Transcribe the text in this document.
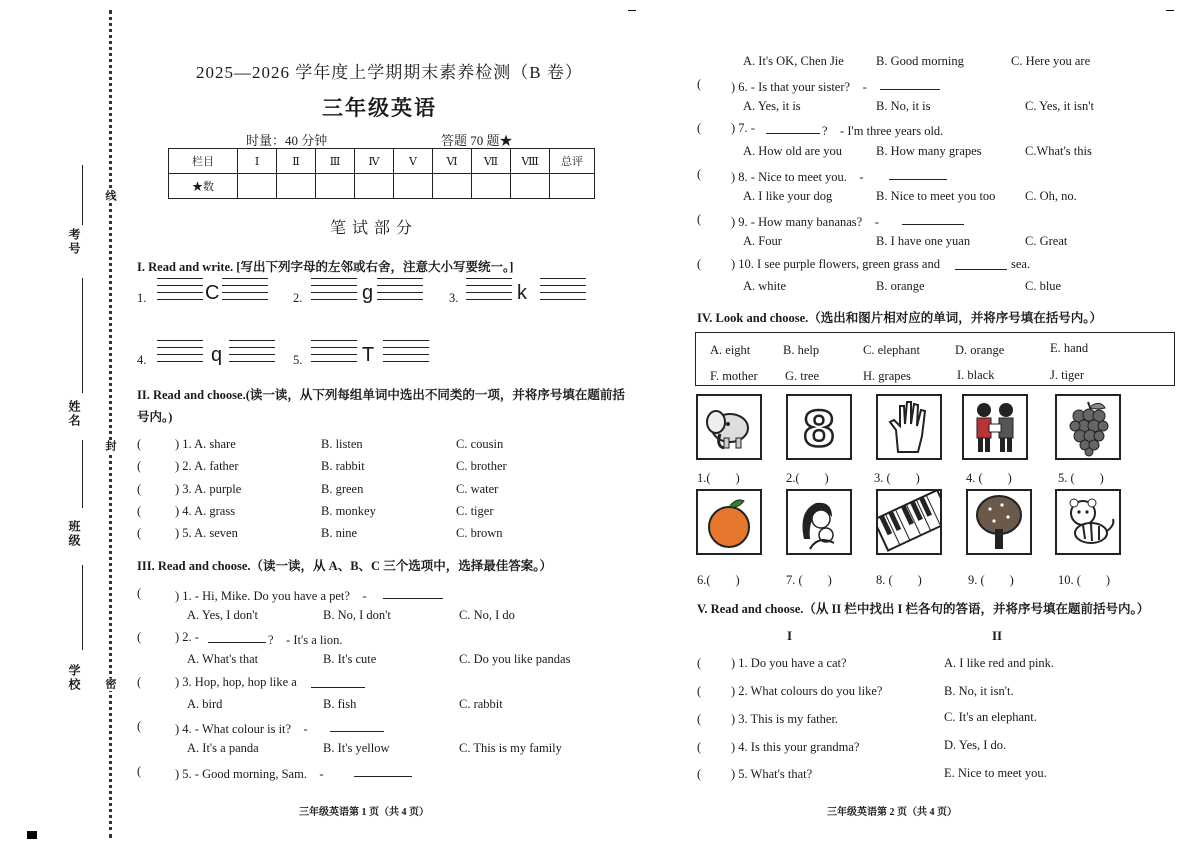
考号
姓名
班级
学校
线
封
密
2025—2026 学年度上学期期末素养检测（B 卷）
三年级英语
时量：40 分钟	答题 70 题★
栏目	Ⅰ	Ⅱ	Ⅲ	Ⅳ	Ⅴ	Ⅵ	Ⅶ	Ⅷ	总评
★数									
笔 试 部 分
I. Read and write. [写出下列字母的左邻或右舍，注意大小写要统一。]
1.	C	2.	g	3.	k
4.	q	5.	T
II. Read and choose.(读一读，从下列每组单词中选出不同类的一项，并将序号填在题前括号内。)
(	) 1. A. share	B. listen	C. cousin
(	) 2. A. father	B. rabbit	C. brother
(	) 3. A. purple	B. green	C. water
(	) 4. A. grass	B. monkey	C. tiger
(	) 5. A. seven	B. nine	C. brown
III. Read and choose.（读一读，从 A、B、C 三个选项中，选择最佳答案。）
(	) 1. - Hi, Mike. Do you have a pet?　-
A. Yes, I don't	B. No, I don't	C. No, I do
(	) 2. -	?　- It's a lion.
A. What's that	B. It's cute	C. Do you like pandas
(	) 3. Hop, hop, hop like a
A. bird	B. fish	C. rabbit
(	) 4. - What colour is it?　-
A. It's a panda	B. It's yellow	C. This is my family
(	) 5. - Good morning, Sam.　-
三年级英语第 1 页（共 4 页）
A. It's OK, Chen Jie	B. Good morning	C. Here you are
( ) 6. - Is that your sister?　-
A. Yes, it is	B. No, it is	C. Yes, it isn't
( ) 7. -	?　- I'm three years old.
A. How old are you	B. How many grapes	C.What's this
( ) 8. - Nice to meet you.　-
A. I like your dog	B. Nice to meet you too C. Oh, no.
( ) 9. - How many bananas?　-
A. Four	B. I have one yuan	C. Great
( ) 10. I see purple flowers, green grass and	sea.
A. white	B. orange	C. blue
IV. Look and choose.（选出和图片相对应的单词，并将序号填在括号内。）
A. eight	B. help	C. elephant	D. orange	E. hand
F. mother G. tree	H. grapes	I. black	J. tiger
8
1.(　　)	2.(　　)	3. (　　)	4. (　　)	5. (　　)
6.(　　)	7. (　　)	8. (　　)	9. (　　)	10. (　　)
V. Read and choose.（从 II 栏中找出 I 栏各句的答语，并将序号填在题前括号内。）
I	II
( ) 1. Do you have a cat?	A. I like red and pink.
( ) 2. What colours do you like?	B. No, it isn't.
( ) 3. This is my father.	C. It's an elephant.
( ) 4. Is this your grandma?	D. Yes, I do.
( ) 5. What's that?	E. Nice to meet you.
三年级英语第 2 页（共 4 页）
